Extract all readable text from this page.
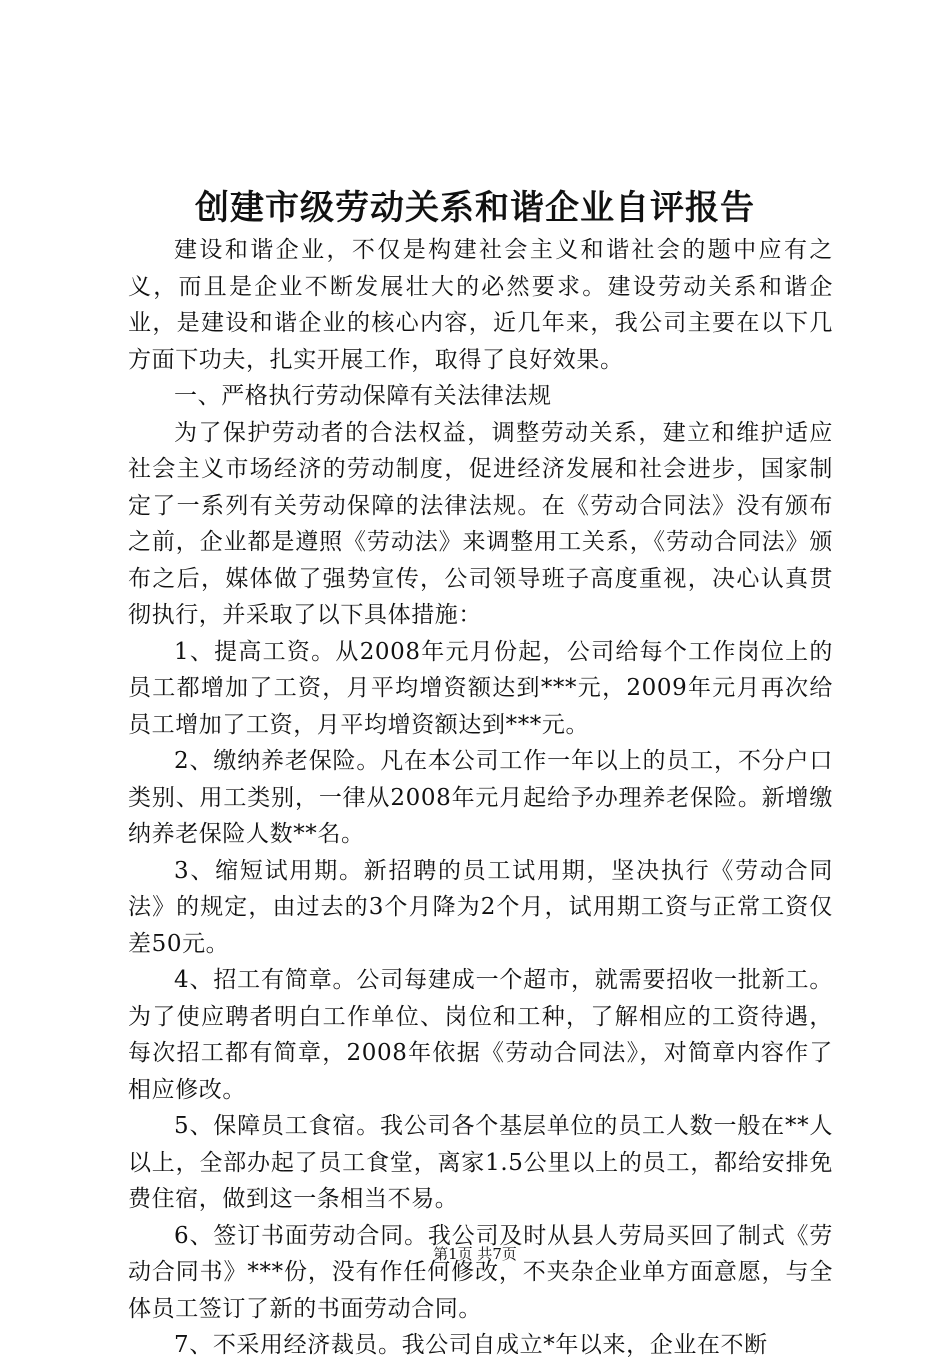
创建市级劳动关系和谐企业自评报告

建设和谐企业，不仅是构建社会主义和谐社会的题中应有之义，而且是企业不断发展壮大的必然要求。建设劳动关系和谐企业，是建设和谐企业的核心内容，近几年来，我公司主要在以下几方面下功夫，扎实开展工作，取得了良好效果。

一、严格执行劳动保障有关法律法规

为了保护劳动者的合法权益，调整劳动关系，建立和维护适应社会主义市场经济的劳动制度，促进经济发展和社会进步，国家制定了一系列有关劳动保障的法律法规。在《劳动合同法》没有颁布之前，企业都是遵照《劳动法》来调整用工关系，《劳动合同法》颁布之后，媒体做了强势宣传，公司领导班子高度重视，决心认真贯彻执行，并采取了以下具体措施：

1、提高工资。从2008年元月份起，公司给每个工作岗位上的员工都增加了工资，月平均增资额达到***元，2009年元月再次给员工增加了工资，月平均增资额达到***元。

2、缴纳养老保险。凡在本公司工作一年以上的员工，不分户口类别、用工类别，一律从2008年元月起给予办理养老保险。新增缴纳养老保险人数**名。

3、缩短试用期。新招聘的员工试用期，坚决执行《劳动合同法》的规定，由过去的3个月降为2个月，试用期工资与正常工资仅差50元。

4、招工有简章。公司每建成一个超市，就需要招收一批新工。为了使应聘者明白工作单位、岗位和工种，了解相应的工资待遇，每次招工都有简章，2008年依据《劳动合同法》，对简章内容作了相应修改。

5、保障员工食宿。我公司各个基层单位的员工人数一般在**人以上，全部办起了员工食堂，离家1.5公里以上的员工，都给安排免费住宿，做到这一条相当不易。

6、签订书面劳动合同。我公司及时从县人劳局买回了制式《劳动合同书》***份，没有作任何修改，不夹杂企业单方面意愿，与全体员工签订了新的书面劳动合同。

7、不采用经济裁员。我公司自成立*年以来，企业在不断

第1页 共7页
